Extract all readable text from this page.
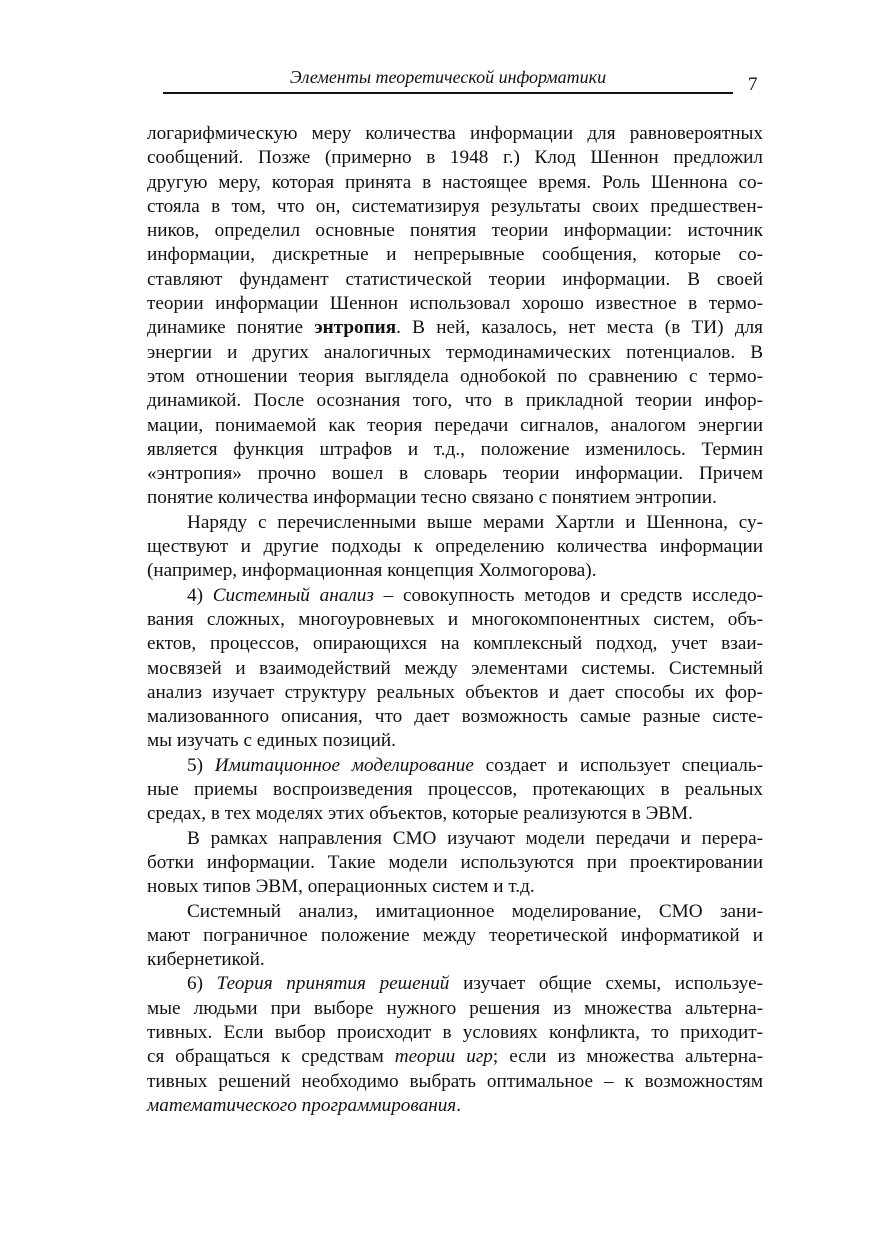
Элементы теоретической информатики	7
логарифмическую меру количества информации для равновероятных
сообщений. Позже (примерно в 1948 г.) Клод Шеннон предложил
другую меру, которая принята в настоящее время. Роль Шеннона со-
стояла в том, что он, систематизируя результаты своих предшествен-
ников, определил основные понятия теории информации: источник
информации, дискретные и непрерывные сообщения, которые со-
ставляют фундамент статистической теории информации. В своей
теории информации Шеннон использовал хорошо известное в термо-
динамике понятие энтропия. В ней, казалось, нет места (в ТИ) для
энергии и других аналогичных термодинамических потенциалов. В
этом отношении теория выглядела однобокой по сравнению с термо-
динамикой. После осознания того, что в прикладной теории инфор-
мации, понимаемой как теория передачи сигналов, аналогом энергии
является функция штрафов и т.д., положение изменилось. Термин
«энтропия» прочно вошел в словарь теории информации. Причем
понятие количества информации тесно связано с понятием энтропии.
Наряду с перечисленными выше мерами Хартли и Шеннона, су-
ществуют и другие подходы к определению количества информации
(например, информационная концепция Холмогорова).
4) Системный анализ – совокупность методов и средств исследо-
вания сложных, многоуровневых и многокомпонентных систем, объ-
ектов, процессов, опирающихся на комплексный подход, учет взаи-
мосвязей и взаимодействий между элементами системы. Системный
анализ изучает структуру реальных объектов и дает способы их фор-
мализованного описания, что дает возможность самые разные систе-
мы изучать с единых позиций.
5) Имитационное моделирование создает и использует специаль-
ные приемы воспроизведения процессов, протекающих в реальных
средах, в тех моделях этих объектов, которые реализуются в ЭВМ.
В рамках направления СМО изучают модели передачи и перера-
ботки информации. Такие модели используются при проектировании
новых типов ЭВМ, операционных систем и т.д.
Системный анализ, имитационное моделирование, СМО зани-
мают пограничное положение между теоретической информатикой и
кибернетикой.
6) Теория принятия решений изучает общие схемы, используе-
мые людьми при выборе нужного решения из множества альтерна-
тивных. Если выбор происходит в условиях конфликта, то приходит-
ся обращаться к средствам теории игр; если из множества альтерна-
тивных решений необходимо выбрать оптимальное – к возможностям
математического программирования.
